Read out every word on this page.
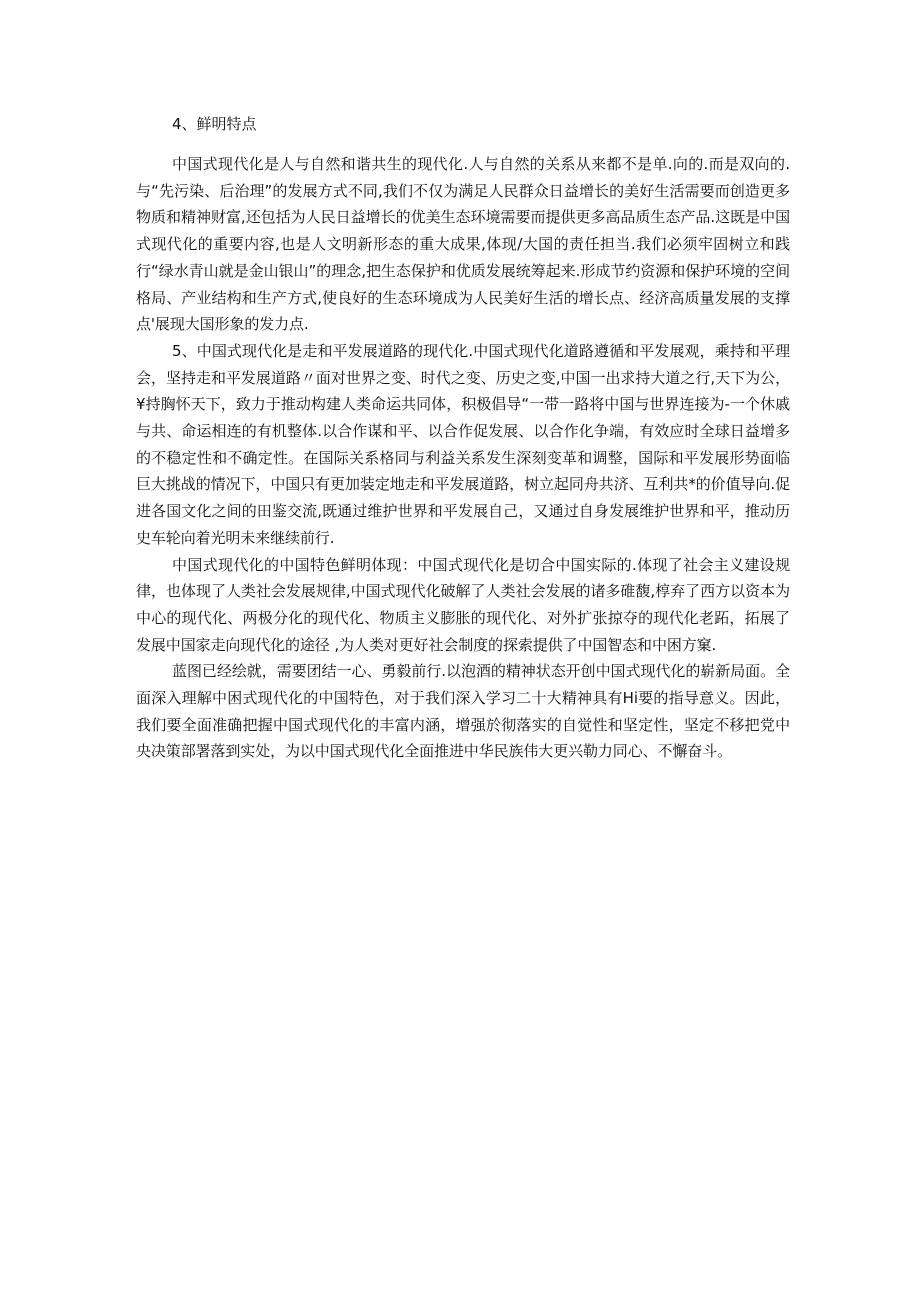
4、鲜明特点

中国式现代化是人与自然和谐共生的现代化.人与自然的关系从来都不是单.向的.而是双向的.与“先污染、后治理”的发展方式不同,我们不仅为满足人民群众日益增长的美好生活需要而创造更多物质和精神财富,还包括为人民日益增长的优美生态环境需要而提供更多高品质生态产品.这既是中国式现代化的重要内容,也是人文明新形态的重大成果,体现/大国的责任担当.我们必须牢固树立和践行“绿水青山就是金山银山”的理念,把生态保护和优质发展统筹起来.形成节约资源和保护环境的空间格局、产业结构和生产方式,使良好的生态环境成为人民美好生活的增长点、经济高质量发展的支撑点'展现大国形象的发力点.

5、中国式现代化是走和平发展道路的现代化.中国式现代化道路遵循和平发展观，乘持和平理会，坚持走和平发展道路〃面对世界之变、时代之变、历史之变,中国一出求持大道之行,天下为公，¥持胸怀天下，致力于推动构建人类命运共同体，积极倡导“一带一路将中国与世界连接为-一个休戚与共、命运相连的有机整体.以合作谋和平、以合作促发展、以合作化争端，有效应时全球日益增多的不稳定性和不确定性。在国际关系格同与利益关系发生深刻变革和调整，国际和平发展形势面临巨大挑战的情况下，中国只有更加装定地走和平发展道路，树立起同舟共济、互利共*的价值导向.促进各国文化之间的田鉴交流,既通过维护世界和平发展自己，又通过自身发展维护世界和平，推动历史车轮向着光明未来继续前行.

中国式现代化的中国特色鲜明体现：中国式现代化是切合中国实际的.体现了社会主义建设规律，也体现了人类社会发展规律,中国式现代化破解了人类社会发展的诸多碓馥,椁弃了西方以资本为中心的现代化、两极分化的现代化、物质主义膨胀的现代化、对外扩张掠夺的现代化老跖，拓展了发展中国家走向现代化的途径 ,为人类对更好社会制度的探索提供了中国智态和中困方窠.

蓝图已经绘就，需要团结一心、勇毅前行.以泡酒的精神状态开创中国式现代化的崭新局面。全面深入理解中困式现代化的中国特色，对于我们深入学习二十大精神具有Hi要的指导意义。因此，我们要全面准确把握中国式现代化的丰富内涵，增强於彻落实的自觉性和坚定性，坚定不移把党中央决策部署落到实处，为以中国式现代化全面推进中华民族伟大更兴勒力同心、不懈奋斗。
